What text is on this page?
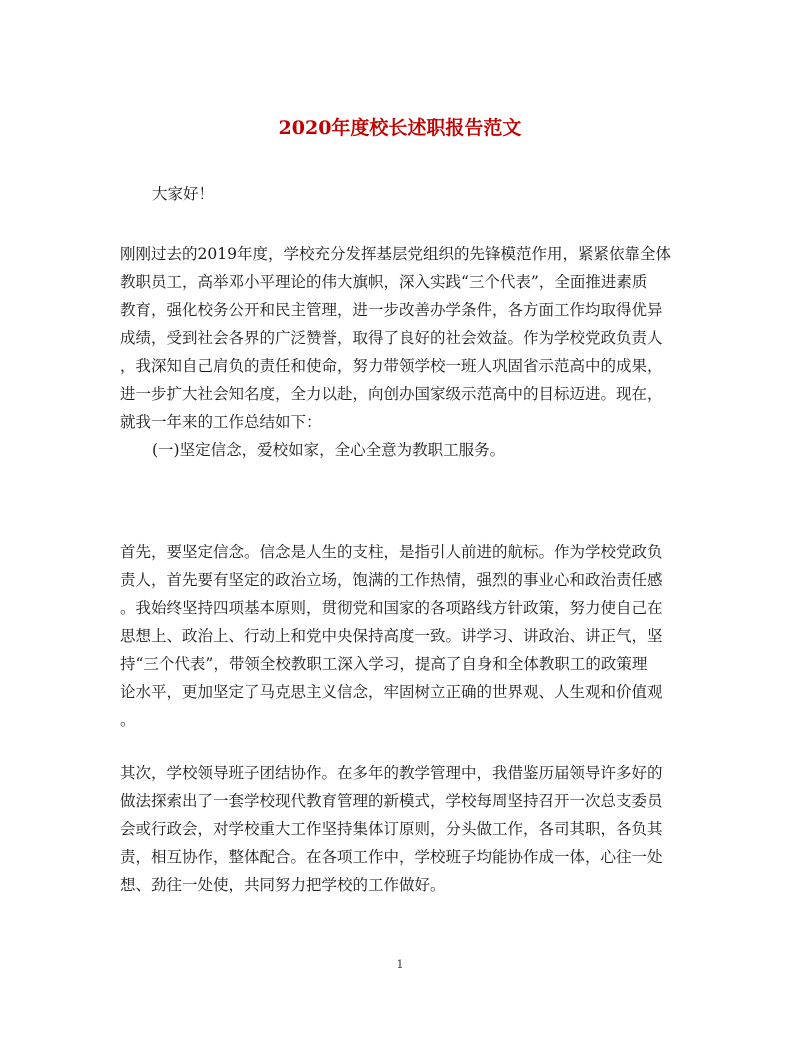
2020年度校长述职报告范文

大家好！

刚刚过去的2019年度，学校充分发挥基层党组织的先锋模范作用，紧紧依靠全体
教职员工，高举邓小平理论的伟大旗帜，深入实践“三个代表”，全面推进素质
教育，强化校务公开和民主管理，进一步改善办学条件，各方面工作均取得优异
成绩，受到社会各界的广泛赞誉，取得了良好的社会效益。作为学校党政负责人
，我深知自己肩负的责任和使命，努力带领学校一班人巩固省示范高中的成果，
进一步扩大社会知名度，全力以赴，向创办国家级示范高中的目标迈进。现在，
就我一年来的工作总结如下：
(一)坚定信念，爱校如家，全心全意为教职工服务。
首先，要坚定信念。信念是人生的支柱，是指引人前进的航标。作为学校党政负
责人，首先要有坚定的政治立场，饱满的工作热情，强烈的事业心和政治责任感
。我始终坚持四项基本原则，贯彻党和国家的各项路线方针政策，努力使自己在
思想上、政治上、行动上和党中央保持高度一致。讲学习、讲政治、讲正气，坚
持“三个代表”，带领全校教职工深入学习，提高了自身和全体教职工的政策理
论水平，更加坚定了马克思主义信念，牢固树立正确的世界观、人生观和价值观
。
其次，学校领导班子团结协作。在多年的教学管理中，我借鉴历届领导许多好的
做法探索出了一套学校现代教育管理的新模式，学校每周坚持召开一次总支委员
会或行政会，对学校重大工作坚持集体订原则，分头做工作，各司其职，各负其
责，相互协作，整体配合。在各项工作中，学校班子均能协作成一体，心往一处
想、劲往一处使，共同努力把学校的工作做好。

1
